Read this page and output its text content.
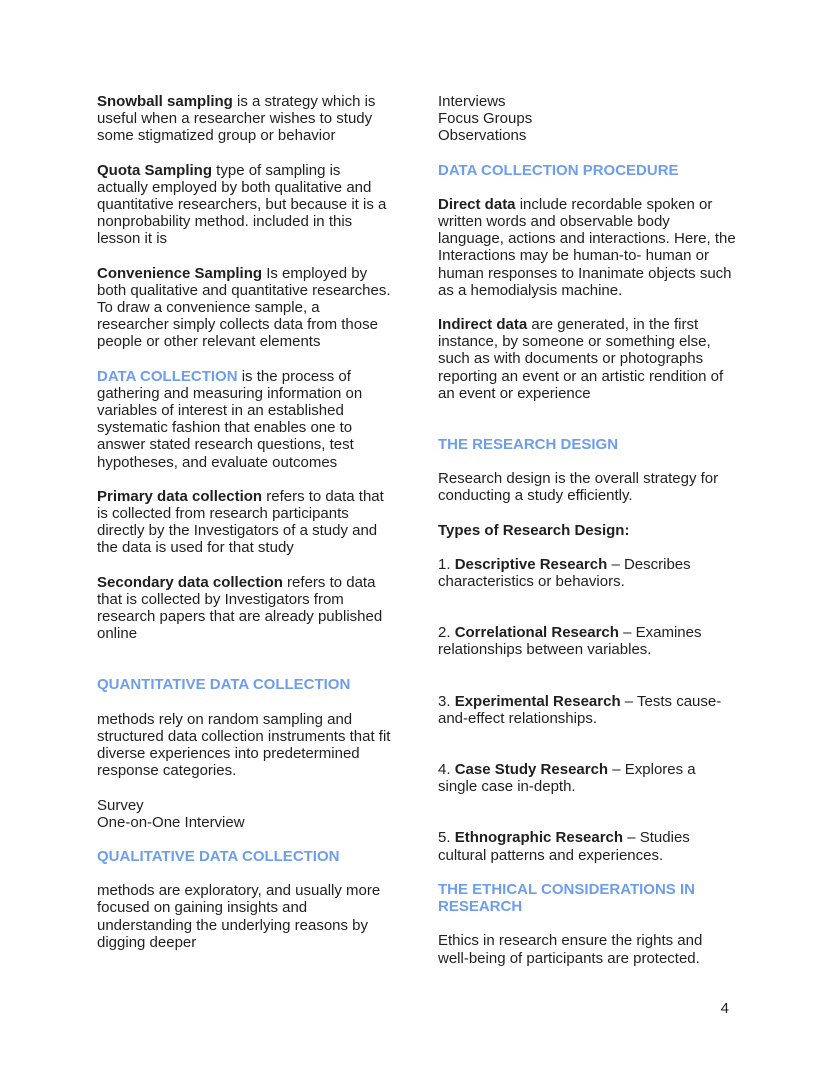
Snowball sampling is a strategy which is useful when a researcher wishes to study some stigmatized group or behavior

Quota Sampling type of sampling is actually employed by both qualitative and quantitative researchers, but because it is a nonprobability method. included in this lesson it is

Convenience Sampling Is employed by both qualitative and quantitative researches. To draw a convenience sample, a researcher simply collects data from those people or other relevant elements

DATA COLLECTION is the process of gathering and measuring information on variables of interest in an established systematic fashion that enables one to answer stated research questions, test hypotheses, and evaluate outcomes

Primary data collection refers to data that is collected from research participants directly by the Investigators of a study and the data is used for that study

Secondary data collection refers to data that is collected by Investigators from research papers that are already published online

QUANTITATIVE DATA COLLECTION

methods rely on random sampling and structured data collection instruments that fit diverse experiences into predetermined response categories.

Survey
One-on-One Interview

QUALITATIVE DATA COLLECTION

methods are exploratory, and usually more focused on gaining insights and understanding the underlying reasons by digging deeper

Interviews
Focus Groups
Observations

DATA COLLECTION PROCEDURE

Direct data include recordable spoken or written words and observable body language, actions and interactions. Here, the Interactions may be human-to- human or human responses to Inanimate objects such as a hemodialysis machine.

Indirect data are generated, in the first instance, by someone or something else, such as with documents or photographs reporting an event or an artistic rendition of an event or experience

THE RESEARCH DESIGN

Research design is the overall strategy for conducting a study efficiently.

Types of Research Design:

1. Descriptive Research – Describes characteristics or behaviors.

2. Correlational Research – Examines relationships between variables.

3. Experimental Research – Tests cause-and-effect relationships.

4. Case Study Research – Explores a single case in-depth.

5. Ethnographic Research – Studies cultural patterns and experiences.

THE ETHICAL CONSIDERATIONS IN RESEARCH

Ethics in research ensure the rights and well-being of participants are protected.

4
